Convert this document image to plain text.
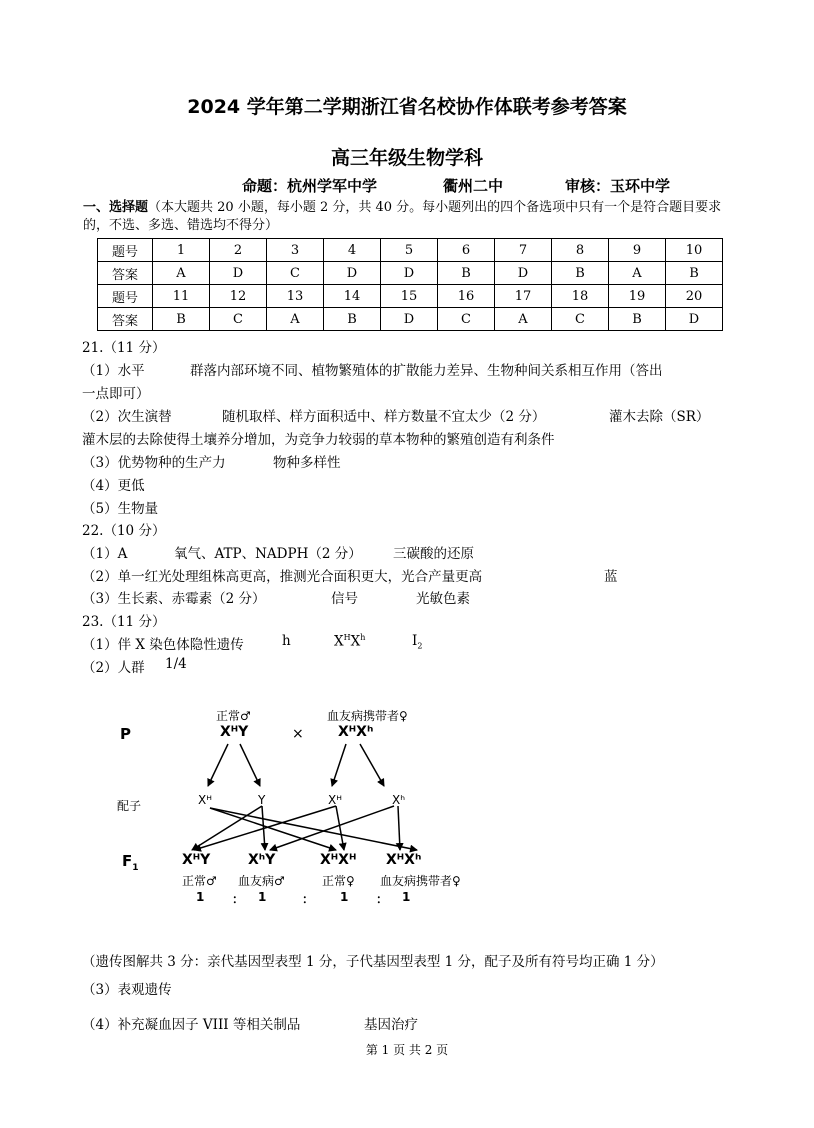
2024 学年第二学期浙江省名校协作体联考参考答案
高三年级生物学科
命题：杭州学军中学	衢州二中	审核：玉环中学
一、选择题（本大题共 20 小题，每小题 2 分，共 40 分。每小题列出的四个备选项中只有一个是符合题目要求的，不选、多选、错选均不得分）
题号	1	2	3	4	5	6	7	8	9	10
答案	A	D	C	D	D	B	D	B	A	B
题号	11	12	13	14	15	16	17	18	19	20
答案	B	C	A	B	D	C	A	C	B	D
21.（11 分）
（1）水平	群落内部环境不同、植物繁殖体的扩散能力差异、生物种间关系相互作用（答出
一点即可）
（2）次生演替	随机取样、样方面积适中、样方数量不宜太少（2 分）	灌木去除（SR）
灌木层的去除使得土壤养分增加，为竞争力较弱的草本物种的繁殖创造有利条件
（3）优势物种的生产力	物种多样性
（4）更低
（5）生物量
22.（10 分）
（1）A	氧气、ATP、NADPH（2 分） 三碳酸的还原
（2）单一红光处理组株高更高，推测光合面积更大，光合产量更高	蓝
（3）生长素、赤霉素（2 分）	信号	光敏色素
23.（11 分）
（1）伴 X 染色体隐性遗传	h	$X^HX^h$	$I_2$
（2）人群 1/4
P
正常♂
XᴴY	×
血友病携带者♀
XᴴXʰ
配子	Xᴴ	Y	Xᴴ	Xʰ
$F_1$	XᴴY	XʰY	XᴴXᴴ XᴴXʰ
正常♂ 血友病♂	正常♀ 血友病携带者♀
1 ： 1	： 1 ： 1
（遗传图解共 3 分：亲代基因型表型 1 分，子代基因型表型 1 分，配子及所有符号均正确 1 分）
（3）表观遗传
（4）补充凝血因子 VIII 等相关制品	基因治疗
第 1 页 共 2 页
